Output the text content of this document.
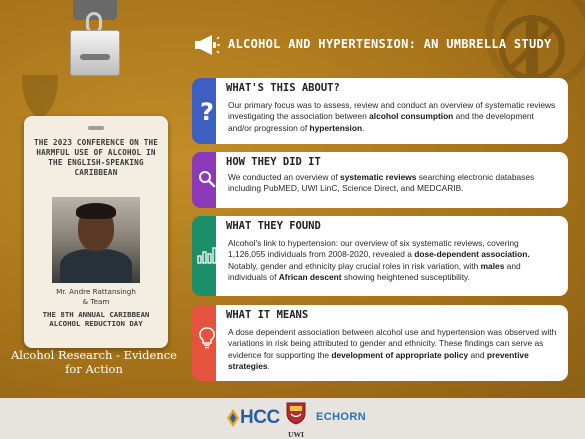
THE 2023 CONFERENCE ON THE HARMFUL USE OF ALCOHOL IN THE ENGLISH-SPEAKING CARIBBEAN
Mr. Andre Rattansingh
& Team
THE 8TH ANNUAL CARIBBEAN ALCOHOL REDUCTION DAY
Alcohol Research - Evidence for Action
ALCOHOL AND HYPERTENSION: AN UMBRELLA STUDY
?
WHAT'S THIS ABOUT?
Our primary focus was to assess, review and conduct an overview of systematic reviews investigating the association between alcohol consumption and the development and/or progression of hypertension.
HOW THEY DID IT
We conducted an overview of systematic reviews searching electronic databases including PubMED, UWI LinC, Science Direct, and MEDCARIB.
WHAT THEY FOUND
Alcohol's link to hypertension: our overview of six systematic reviews, covering 1,126,055 individuals from 2008-2020, revealed a dose-dependent association. Notably, gender and ethnicity play crucial roles in risk variation, with males and individuals of African descent showing heightened susceptibility.
WHAT IT MEANS
A dose dependent association between alcohol use and hypertension was observed with variations in risk being attributed to gender and ethnicity. These findings can serve as evidence for supporting the development of appropriate policy and preventive strategies.
HCC
UWI
ECHORN
